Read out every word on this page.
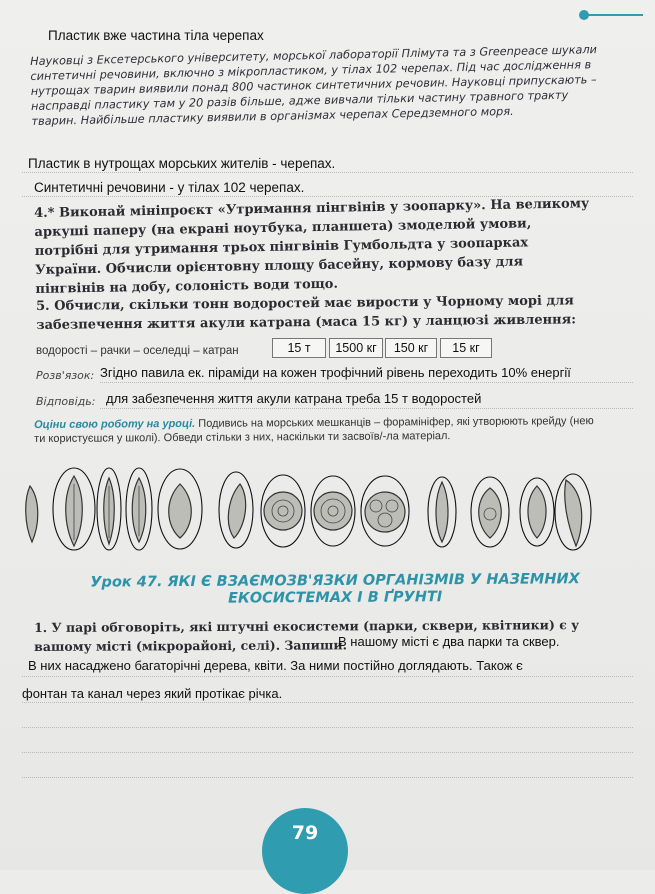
Пластик вже частина тіла черепах
Науковці з Ексетерського університету, морської лабораторії Плімута та з Greenpeace шукали синтетичні речовини, включно з мікропластиком, у тілах 102 черепах. Під час дослідження в нутрощах тварин виявили понад 800 частинок синтетичних речовин. Науковці припускають – насправді пластику там у 20 разів більше, адже вивчали тільки частину травного тракту тварин. Найбільше пластику виявили в організмах черепах Середземного моря.
Пластик в нутрощах морських жителів - черепах.
Синтетичні речовини - у тілах 102 черепах.
4.* Виконай мініпроєкт «Утримання пінгвінів у зоопарку». На великому аркуші паперу (на екрані ноутбука, планшета) змоделюй умови, потрібні для утримання трьох пінгвінів Гумбольдта у зоопарках України. Обчисли орієнтовну площу басейну, кормову базу для пінгвінів на добу, солоність води тощо.
5. Обчисли, скільки тонн водоростей має вирости у Чорному морі для забезпечення життя акули катрана (маса 15 кг) у ланцюзі живлення:
водорості – рачки – оселедці – катран	15 т	1500 кг	150 кг	15 кг
Розв'язок: Згідно павила ек. піраміди на кожен трофічний рівень переходить 10% енергії
Відповідь: для забезпечення життя акули катрана треба 15 т водоростей
Оціни свою роботу на уроці. Подивись на морських мешканців – форамініфер, які утворюють крейду (нею ти користуєшся у школі). Обведи стільки з них, наскільки ти засвоїв/-ла матеріал.
Урок 47. ЯКІ Є ВЗАЄМОЗВ'ЯЗКИ ОРГАНІЗМІВ У НАЗЕМНИХ
ЕКОСИСТЕМАХ І В ҐРУНТІ
1. У парі обговоріть, які штучні екосистеми (парки, сквери, квітники) є у вашому місті (мікрорайоні, селі). Запиши.
В нашому місті є два парки та сквер.
В них насаджено багаторічні дерева, квіти. За ними постійно доглядають. Також є
фонтан та канал через який протікає річка.
79
